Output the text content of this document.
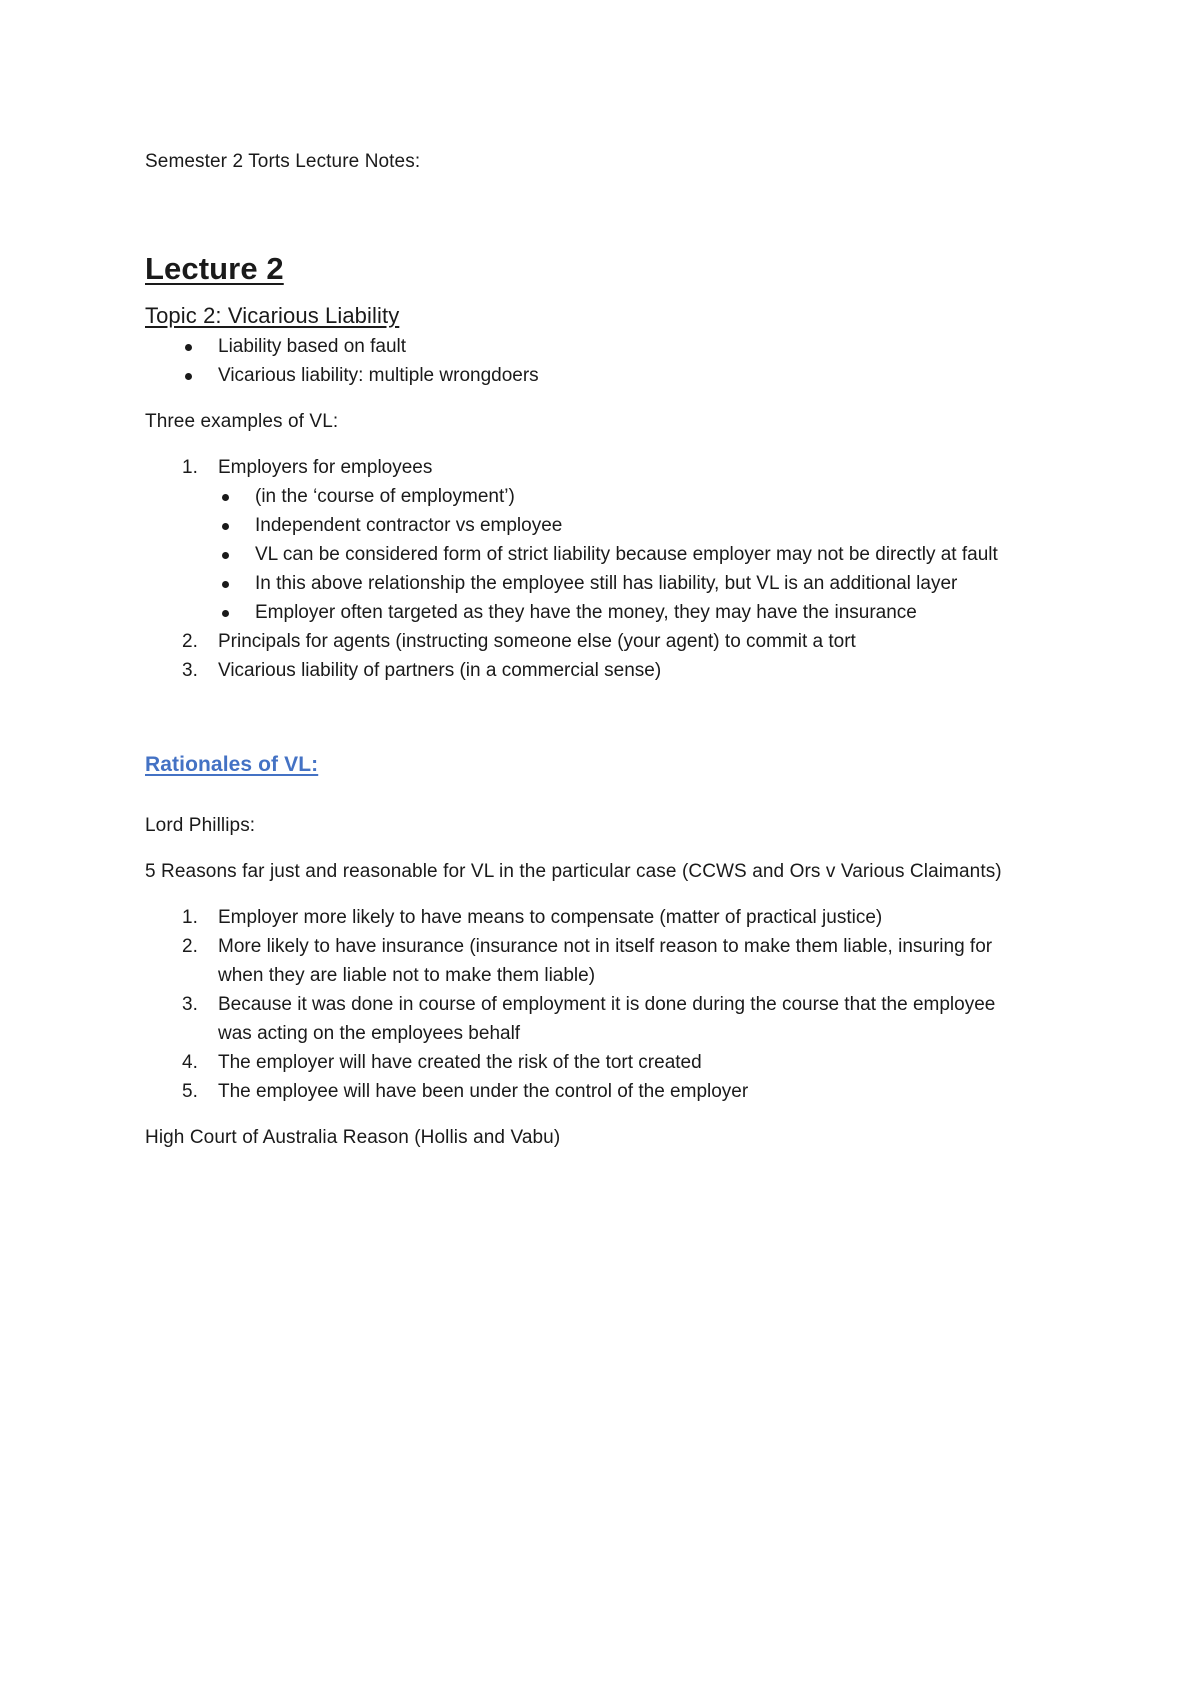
Semester 2 Torts Lecture Notes:
Lecture 2
Topic 2: Vicarious Liability
Liability based on fault
Vicarious liability: multiple wrongdoers
Three examples of VL:
1. Employers for employees
(in the ‘course of employment’)
Independent contractor vs employee
VL can be considered form of strict liability because employer may not be directly at fault
In this above relationship the employee still has liability, but VL is an additional layer
Employer often targeted as they have the money, they may have the insurance
2. Principals for agents (instructing someone else (your agent) to commit a tort
3. Vicarious liability of partners (in a commercial sense)
Rationales of VL:
Lord Phillips:
5 Reasons far just and reasonable for VL in the particular case (CCWS and Ors v Various Claimants)
1. Employer more likely to have means to compensate (matter of practical justice)
2. More likely to have insurance (insurance not in itself reason to make them liable, insuring for
when they are liable not to make them liable)
3. Because it was done in course of employment it is done during the course that the employee
was acting on the employees behalf
4. The employer will have created the risk of the tort created
5. The employee will have been under the control of the employer
High Court of Australia Reason (Hollis and Vabu)
